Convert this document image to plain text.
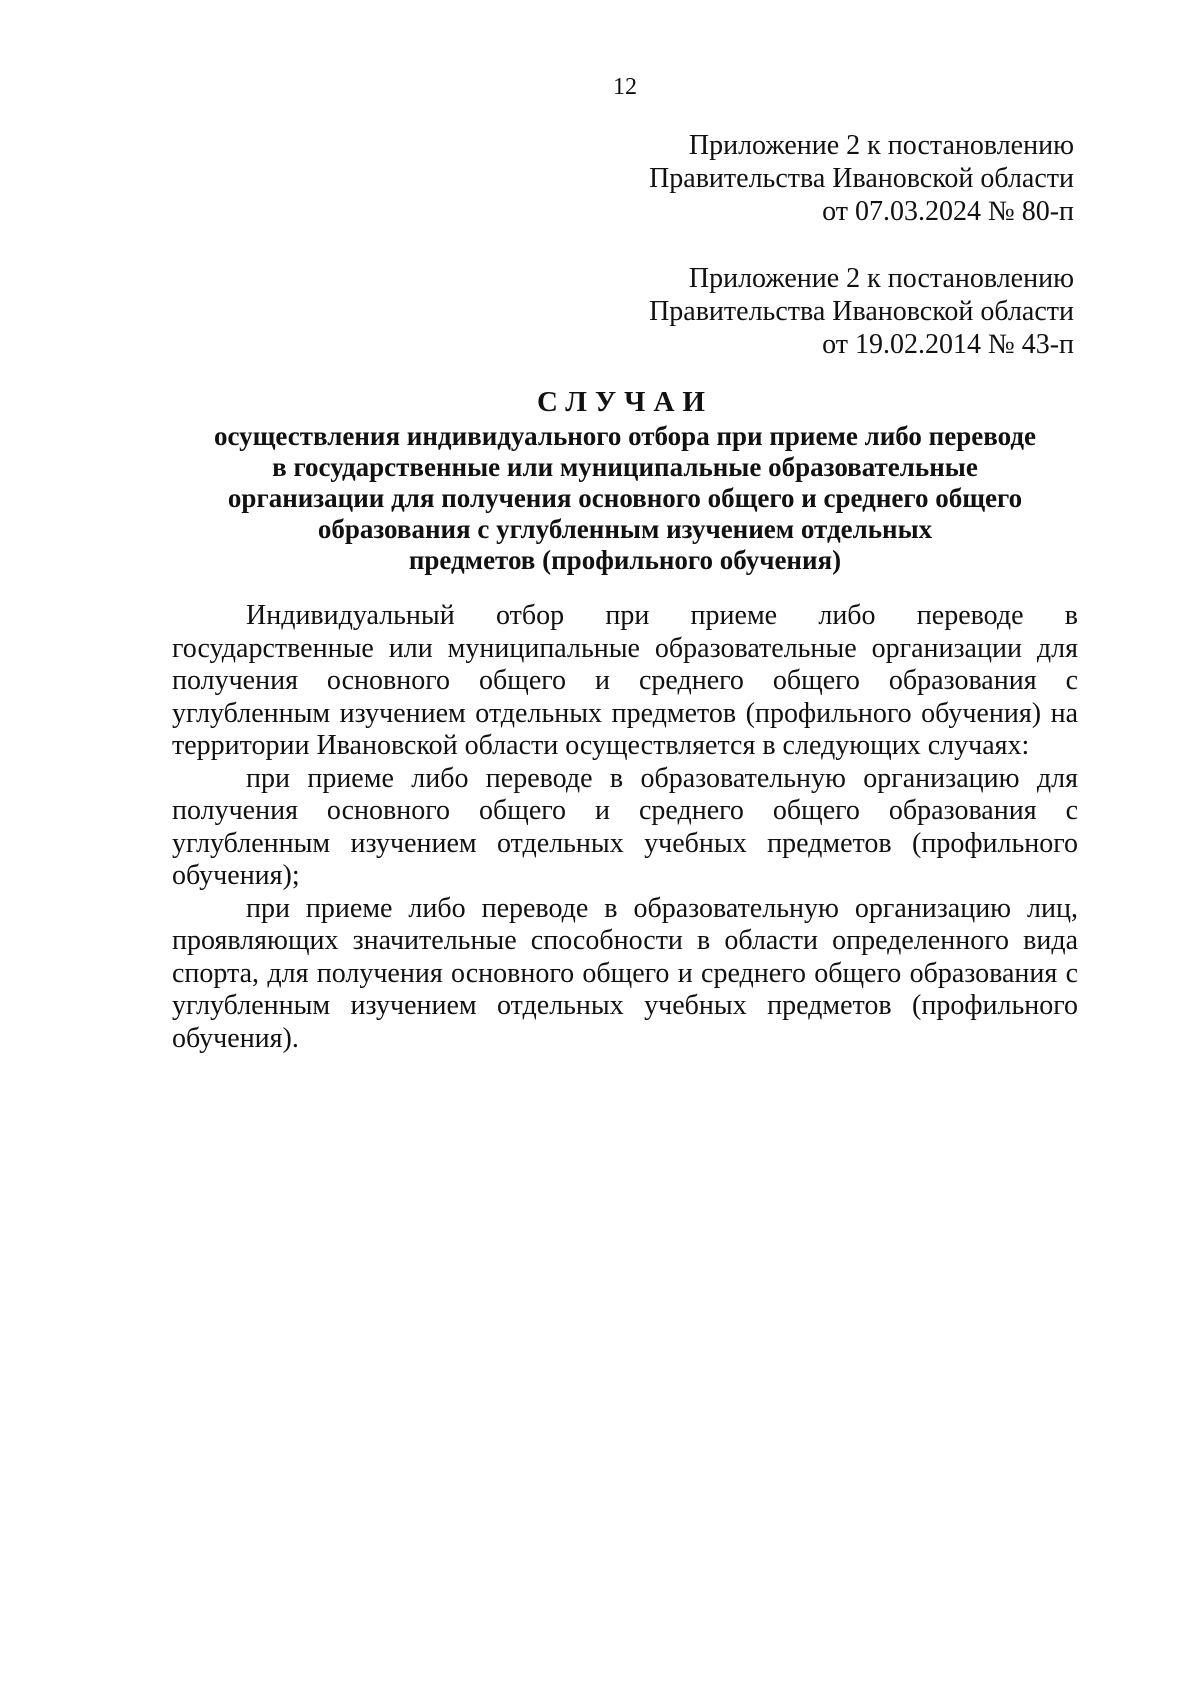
12
Приложение 2 к постановлению
Правительства Ивановской области
от 07.03.2024 № 80-п
Приложение 2 к постановлению
Правительства Ивановской области
от 19.02.2014 № 43-п
СЛУЧАИ
осуществления индивидуального отбора при приеме либо переводе
в государственные или муниципальные образовательные
организации для получения основного общего и среднего общего
образования с углубленным изучением отдельных
предметов (профильного обучения)

Индивидуальный отбор при приеме либо переводе в государственные или муниципальные образовательные организации для получения основного общего и среднего общего образования с углубленным изучением отдельных предметов (профильного обучения) на территории Ивановской области осуществляется в следующих случаях:

при приеме либо переводе в образовательную организацию для получения основного общего и среднего общего образования с углубленным изучением отдельных учебных предметов (профильного обучения);

при приеме либо переводе в образовательную организацию лиц, проявляющих значительные способности в области определенного вида спорта, для получения основного общего и среднего общего образования с углубленным изучением отдельных учебных предметов (профильного обучения).
